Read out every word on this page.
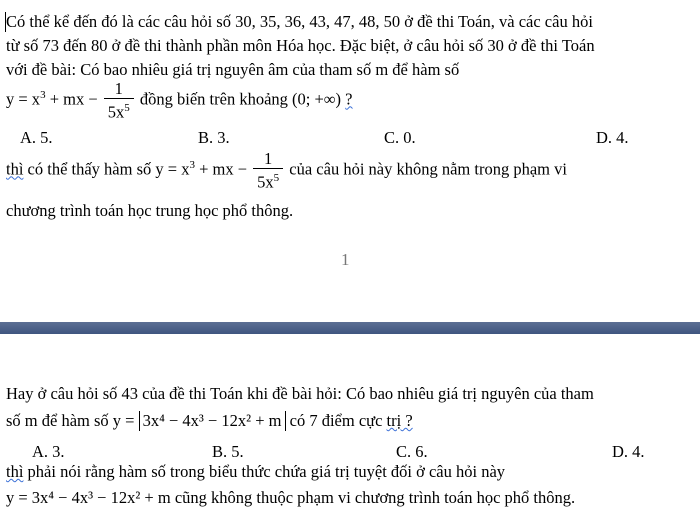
Có thể kể đến đó là các câu hỏi số 30, 35, 36, 43, 47, 48, 50 ở đề thi Toán, và các câu hỏi
từ số 73 đến 80 ở đề thi thành phần môn Hóa học. Đặc biệt, ở câu hỏi số 30 ở đề thi Toán
với đề bài: Có bao nhiêu giá trị nguyên âm của tham số m để hàm số
$y = x^3$ + mx − $\frac{1}{5x^5}$ đồng biến trên khoảng (0; +∞) ?
A. 5.	B. 3.	C. 0.	D. 4.
thì có thể thấy hàm số $y = x^3$ + mx − $\frac{1}{5x^5}$ của câu hỏi này không nằm trong phạm vi
chương trình toán học trung học phổ thông.
1
Hay ở câu hỏi số 43 của đề thi Toán khi đề bài hỏi: Có bao nhiêu giá trị nguyên của tham
số m để hàm số y = 3x⁴ − 4x³ − 12x² + m có 7 điểm cực trị ?
A. 3.	B. 5.	C. 6.	D. 4.
thì phải nói rằng hàm số trong biểu thức chứa giá trị tuyệt đối ở câu hỏi này
y = 3x⁴ − 4x³ − 12x² + m cũng không thuộc phạm vi chương trình toán học phổ thông.
